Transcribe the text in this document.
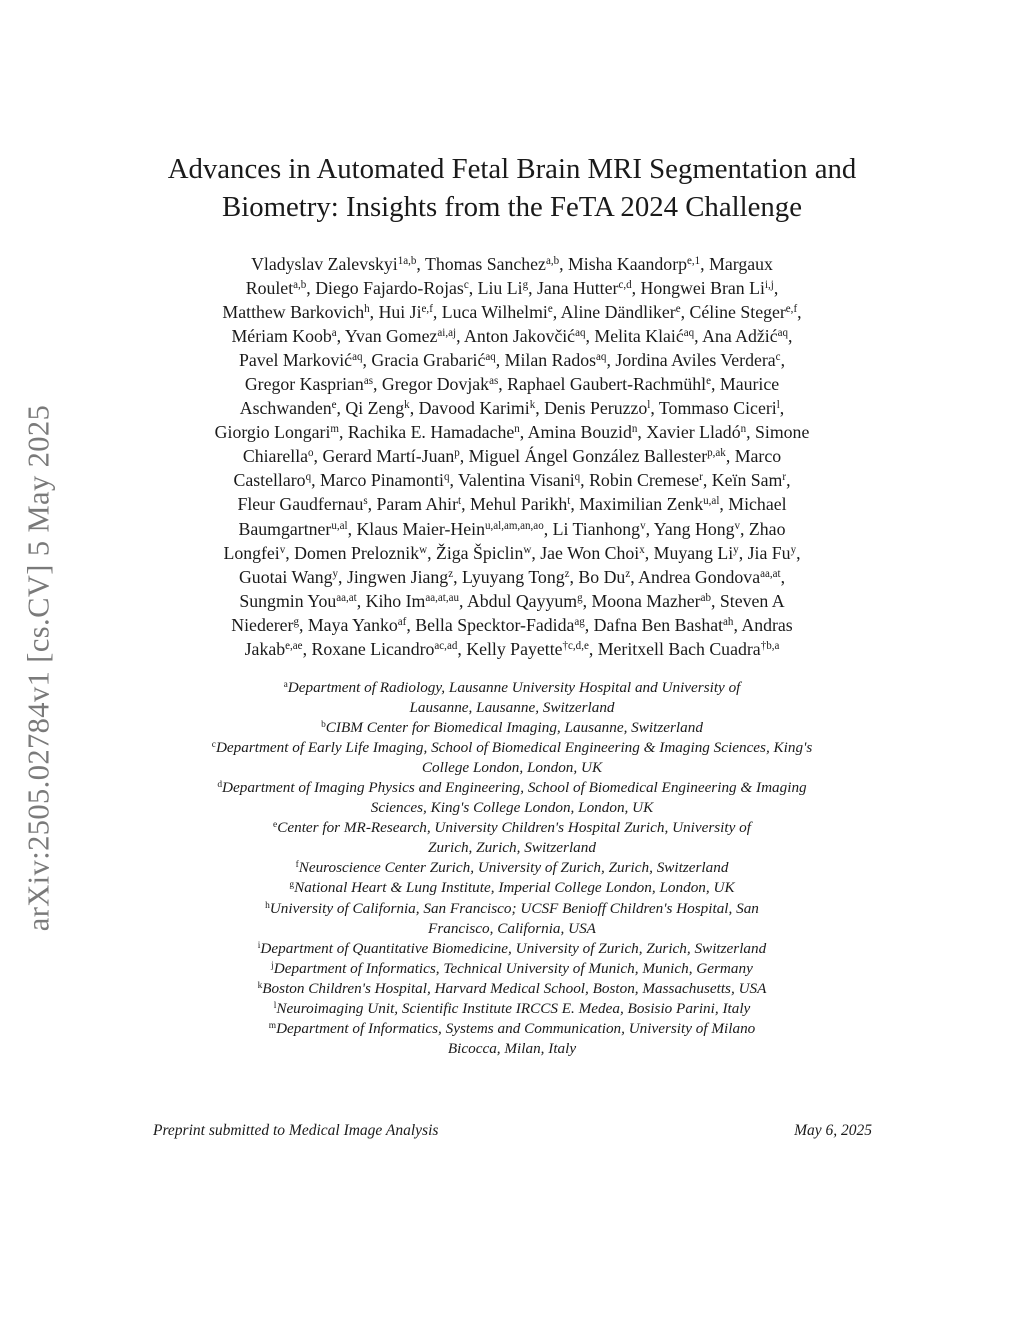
arXiv:2505.02784v1 [cs.CV] 5 May 2025
Advances in Automated Fetal Brain MRI Segmentation and
Biometry: Insights from the FeTA 2024 Challenge
Vladyslav Zalevskyi$^{1a,b}$, Thomas Sanchez$^{a,b}$, Misha Kaandorp$^{e,1}$, Margaux
Roulet$^{a,b}$, Diego Fajardo-Rojas$^c$, Liu Li$^g$, Jana Hutter$^{c,d}$, Hongwei Bran Li$^{i,j}$,
Matthew Barkovich$^h$, Hui Ji$^{e,f}$, Luca Wilhelmi$^e$, Aline Dändliker$^e$, Céline Steger$^{e,f}$,
Mériam Koob$^a$, Yvan Gomez$^{ai,aj}$, Anton Jakovčić$^{aq}$, Melita Klaić$^{aq}$, Ana Adžić$^{aq}$,
Pavel Marković$^{aq}$, Gracia Grabarić$^{aq}$, Milan Rados$^{aq}$, Jordina Aviles Verdera$^c$,
Gregor Kasprian$^{as}$, Gregor Dovjak$^{as}$, Raphael Gaubert-Rachmühl$^e$, Maurice
Aschwanden$^e$, Qi Zeng$^k$, Davood Karimi$^k$, Denis Peruzzo$^l$, Tommaso Ciceri$^l$,
Giorgio Longari$^m$, Rachika E. Hamadache$^n$, Amina Bouzid$^n$, Xavier Lladó$^n$, Simone
Chiarella$^o$, Gerard Martí-Juan$^p$, Miguel Ángel González Ballester$^{p,ak}$, Marco
Castellaro$^q$, Marco Pinamonti$^q$, Valentina Visani$^q$, Robin Cremese$^r$, Keïn Sam$^r$,
Fleur Gaudfernau$^s$, Param Ahir$^t$, Mehul Parikh$^t$, Maximilian Zenk$^{u,al}$, Michael
Baumgartner$^{u,al}$, Klaus Maier-Hein$^{u,al,am,an,ao}$, Li Tianhong$^v$, Yang Hong$^v$, Zhao
Longfei$^v$, Domen Preloznik$^w$, Žiga Špiclin$^w$, Jae Won Choi$^x$, Muyang Li$^y$, Jia Fu$^y$,
Guotai Wang$^y$, Jingwen Jiang$^z$, Lyuyang Tong$^z$, Bo Du$^z$, Andrea Gondova$^{aa,at}$,
Sungmin You$^{aa,at}$, Kiho $Im^{aa,at,au}$, Abdul Qayyum$^g$, Moona Mazher$^{ab}$, Steven A
Niederer$^g$, Maya Yanko$^{af}$, Bella Specktor-Fadida$^{ag}$, Dafna Ben Bashat$^{ah}$, Andras
Jakab$^{e,ae}$, Roxane Licandro$^{ac,ad}$, Kelly Payette$^{\dagger c,d,e}$, Meritxell Bach Cuadra$^{\dagger b,a}$
$^a$Department of Radiology, Lausanne University Hospital and University of
Lausanne, Lausanne, Switzerland
$^b$CIBM Center for Biomedical Imaging, Lausanne, Switzerland
$^c$Department of Early Life Imaging, School of Biomedical Engineering & Imaging Sciences, King's
College London, London, UK
$^d$Department of Imaging Physics and Engineering, School of Biomedical Engineering & Imaging
Sciences, King's College London, London, UK
$^e$Center for MR-Research, University Children's Hospital Zurich, University of
Zurich, Zurich, Switzerland
$^f$Neuroscience Center Zurich, University of Zurich, Zurich, Switzerland
$^g$National Heart & Lung Institute, Imperial College London, London, UK
$^h$University of California, San Francisco; UCSF Benioff Children's Hospital, San
Francisco, California, USA
$^i$Department of Quantitative Biomedicine, University of Zurich, Zurich, Switzerland
$^j$Department of Informatics, Technical University of Munich, Munich, Germany
$^k$Boston Children's Hospital, Harvard Medical School, Boston, Massachusetts, USA
$^l$Neuroimaging Unit, Scientific Institute IRCCS E. Medea, Bosisio Parini, Italy
$^m$Department of Informatics, Systems and Communication, University of Milano
Bicocca, Milan, Italy
Preprint submitted to Medical Image Analysis	May 6, 2025
